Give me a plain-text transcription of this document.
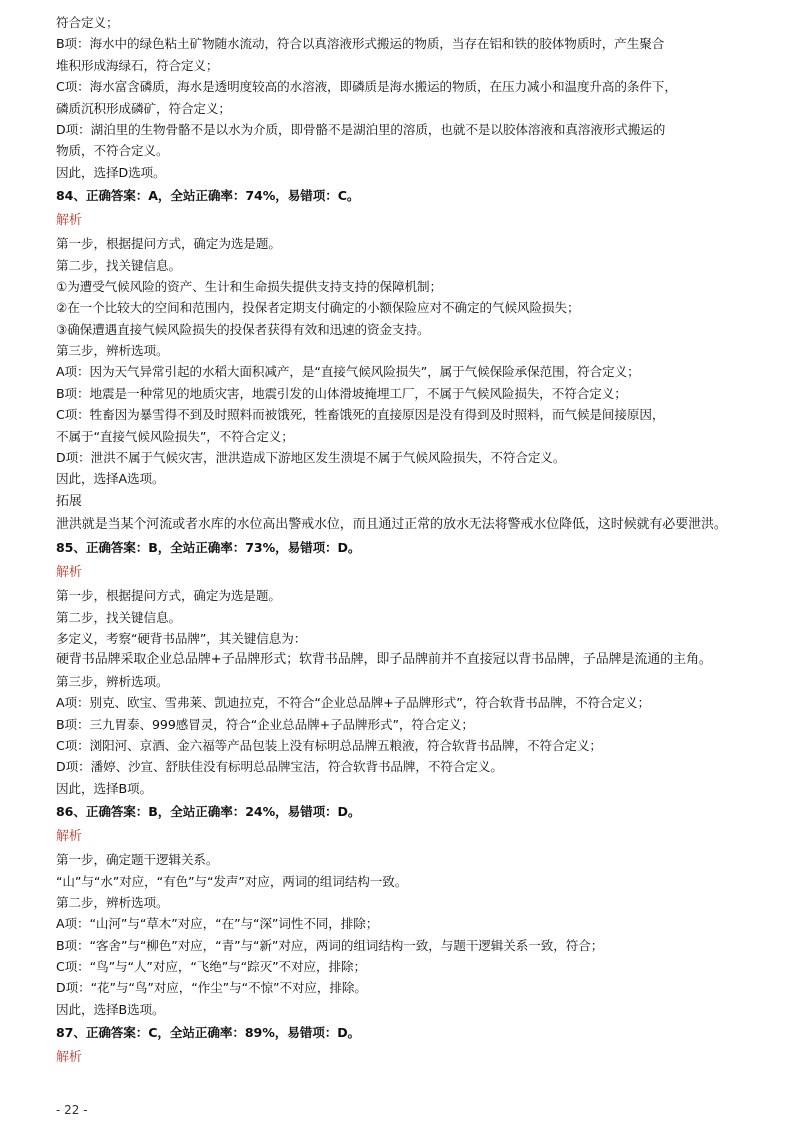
符合定义；
B项：海水中的绿色粘土矿物随水流动，符合以真溶液形式搬运的物质，当存在铝和铁的胶体物质时，产生聚合
堆积形成海绿石，符合定义；
C项：海水富含磷质，海水是透明度较高的水溶液，即磷质是海水搬运的物质，在压力减小和温度升高的条件下，
磷质沉积形成磷矿，符合定义；
D项：湖泊里的生物骨骼不是以水为介质，即骨骼不是湖泊里的溶质，也就不是以胶体溶液和真溶液形式搬运的
物质，不符合定义。
因此，选择D选项。
84、正确答案：A，全站正确率：74%，易错项：C。
解析
第一步，根据提问方式，确定为选是题。
第二步，找关键信息。
①为遭受气候风险的资产、生计和生命损失提供支持支持的保障机制；
②在一个比较大的空间和范围内，投保者定期支付确定的小额保险应对不确定的气候风险损失；
③确保遭遇直接气候风险损失的投保者获得有效和迅速的资金支持。
第三步，辨析选项。
A项：因为天气异常引起的水稻大面积减产，是“直接气候风险损失”，属于气候保险承保范围，符合定义；
B项：地震是一种常见的地质灾害，地震引发的山体滑坡掩埋工厂，不属于气候风险损失，不符合定义；
C项：牲畜因为暴雪得不到及时照料而被饿死，牲畜饿死的直接原因是没有得到及时照料，而气候是间接原因，
不属于“直接气候风险损失”，不符合定义；
D项：泄洪不属于气候灾害，泄洪造成下游地区发生溃堤不属于气候风险损失，不符合定义。
因此，选择A选项。
拓展
泄洪就是当某个河流或者水库的水位高出警戒水位，而且通过正常的放水无法将警戒水位降低，这时候就有必要泄洪。
85、正确答案：B，全站正确率：73%，易错项：D。
解析
第一步，根据提问方式，确定为选是题。
第二步，找关键信息。
多定义，考察“硬背书品牌”，其关键信息为：
硬背书品牌采取企业总品牌+子品牌形式；软背书品牌，即子品牌前并不直接冠以背书品牌，子品牌是流通的主角。
第三步，辨析选项。
A项：别克、欧宝、雪弗莱、凯迪拉克，不符合“企业总品牌+子品牌形式”，符合软背书品牌，不符合定义；
B项：三九胃泰、999感冒灵，符合“企业总品牌+子品牌形式”，符合定义；
C项：浏阳河、京酒、金六福等产品包装上没有标明总品牌五粮液，符合软背书品牌，不符合定义；
D项：潘婷、沙宣、舒肤佳没有标明总品牌宝洁，符合软背书品牌，不符合定义。
因此，选择B项。
86、正确答案：B，全站正确率：24%，易错项：D。
解析
第一步，确定题干逻辑关系。
“山”与“水”对应，“有色”与“发声”对应，两词的组词结构一致。
第二步，辨析选项。
A项：“山河”与“草木”对应，“在”与“深”词性不同，排除；
B项：“客舍”与“柳色”对应，“青”与“新”对应，两词的组词结构一致，与题干逻辑关系一致，符合；
C项：“鸟”与“人”对应，“飞绝”与“踪灭”不对应，排除；
D项：“花”与“鸟”对应，“作尘”与“不惊”不对应，排除。
因此，选择B选项。
87、正确答案：C，全站正确率：89%，易错项：D。
解析
- 22 -
